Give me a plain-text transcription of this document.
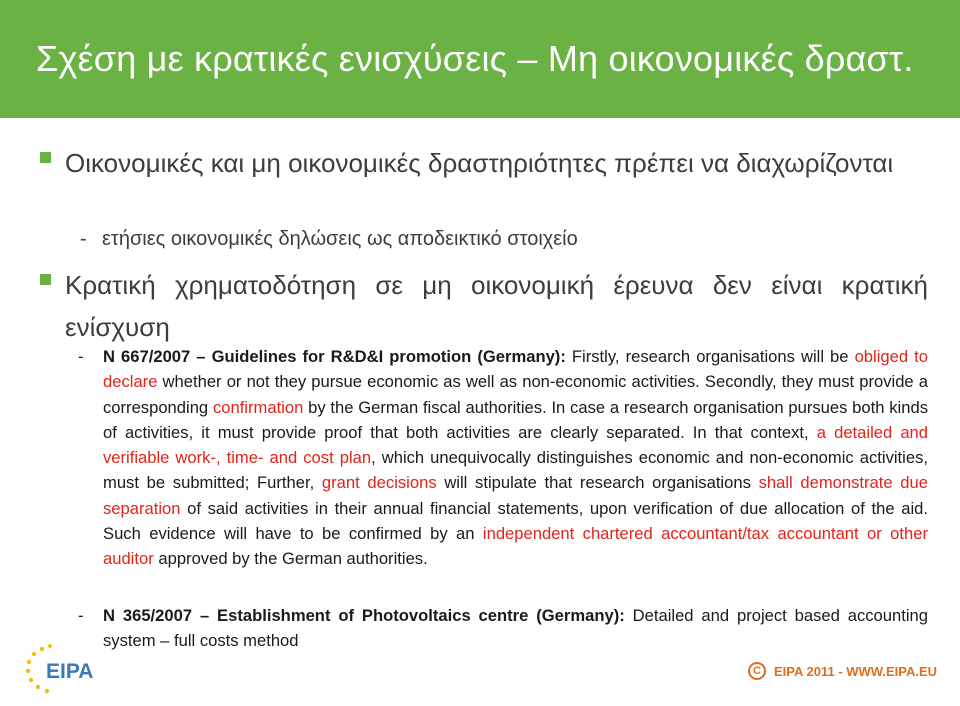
Σχέση με κρατικές ενισχύσεις – Μη οικονομικές δραστ.
Οικονομικές και μη οικονομικές δραστηριότητες πρέπει να διαχωρίζονται
- ετήσιες οικονομικές δηλώσεις ως αποδεικτικό στοιχείο
Κρατική χρηματοδότηση σε μη οικονομική έρευνα δεν είναι κρατική ενίσχυση
- N 667/2007 – Guidelines for R&D&I promotion (Germany): Firstly, research organisations will be obliged to declare whether or not they pursue economic as well as non-economic activities. Secondly, they must provide a corresponding confirmation by the German fiscal authorities. In case a research organisation pursues both kinds of activities, it must provide proof that both activities are clearly separated. In that context, a detailed and verifiable work-, time- and cost plan, which unequivocally distinguishes economic and non-economic activities, must be submitted; Further, grant decisions will stipulate that research organisations shall demonstrate due separation of said activities in their annual financial statements, upon verification of due allocation of the aid. Such evidence will have to be confirmed by an independent chartered accountant/tax accountant or other auditor approved by the German authorities.
- N 365/2007 – Establishment of Photovoltaics centre (Germany): Detailed and project based accounting system – full costs method
EIPA	C	EIPA 2011 - WWW.EIPA.EU
